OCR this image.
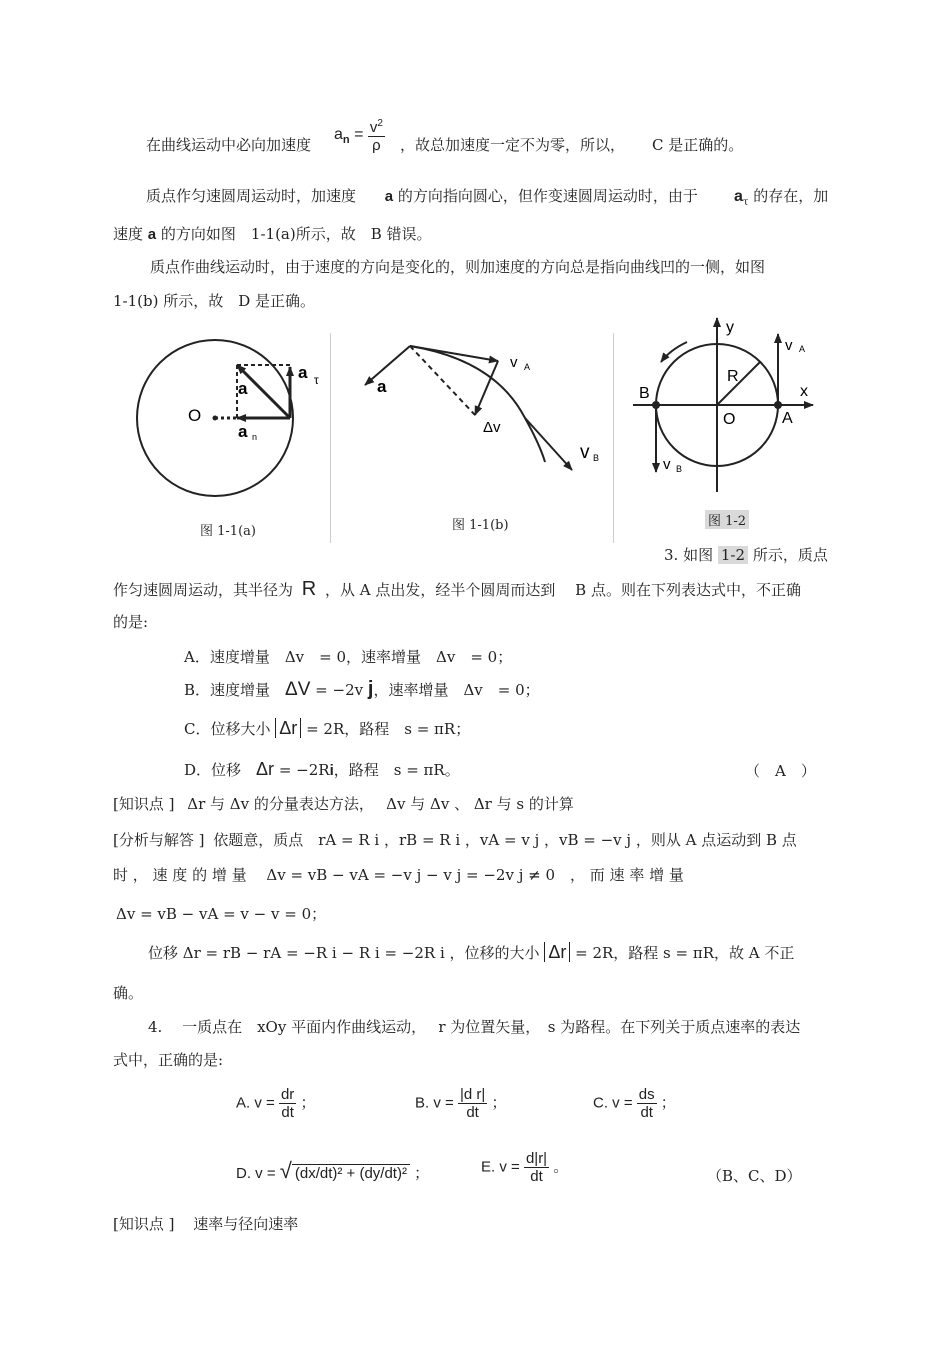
在曲线运动中必向加速度
$a_n = \frac{v^2}{\rho}$ ，故总加速度一定不为零，所以， C 是正确的。
质点作匀速圆周运动时，加速度 a 的方向指向圆心，但作变速圆周运动时，由于 $a_\tau$ 的存在，加
速度 a 的方向如图　1-1(a)所示，故　B 错误。
质点作曲线运动时，由于速度的方向是变化的，则加速度的方向总是指向曲线凹的一侧，如图
1-1(b) 所示，故　D 是正确。
O
a
a τ
a n
图 1-1(a)
a
v A
Δv
v B
图 1-1(b)
y
x
v A
R
B
O	A
v B
图 1-2
3. 如图 1-2 所示，质点
作匀速圆周运动，其半径为 R ，从 A 点出发，经半个圆周而达到　 B 点。则在下列表达式中，不正确
的是:
A．速度增量　Δv　= 0，速率增量　Δv　= 0；
B．速度增量　ΔV = −2v j，速率增量　Δv　= 0；
C．位移大小 Δr = 2R，路程　s = πR；
D．位移　Δr = −2Ri，路程　s = πR。	（　A　）
[知识点 ] Δr 与 Δv 的分量表达方法，　 Δv 与 Δv 、 Δr 与 s 的计算
[分析与解答 ] 依题意，质点　rA = R i ，rB = R i ，vA = v j ，vB = −v j ，则从 A 点运动到 B 点
时 ， 速 度 的 增 量 　Δv = vB − vA = −v j − v j = −2v j ≠ 0　， 而 速 率 增 量
Δv = vB − vA = v − v = 0；
位移 Δr = rB − rA = −R i − R i = −2R i ，位移的大小 Δr = 2R，路程 s = πR，故 A 不正
确。
4.　 一质点在　xOy 平面内作曲线运动，　 r 为位置矢量，　s 为路程。在下列关于质点速率的表达
式中，正确的是:
A. $v = \frac{dr}{dt}$ ；	B. $v = \frac{\text{|d r|}}{dt}$ ；	C. $v = \frac{ds}{dt}$ ；
D. v = √ (dx/dt)² + (dy/dt)² ；	E. $v = \frac{d|r|}{dt}$ 。
（B、C、D）
[知识点 ] 速率与径向速率
